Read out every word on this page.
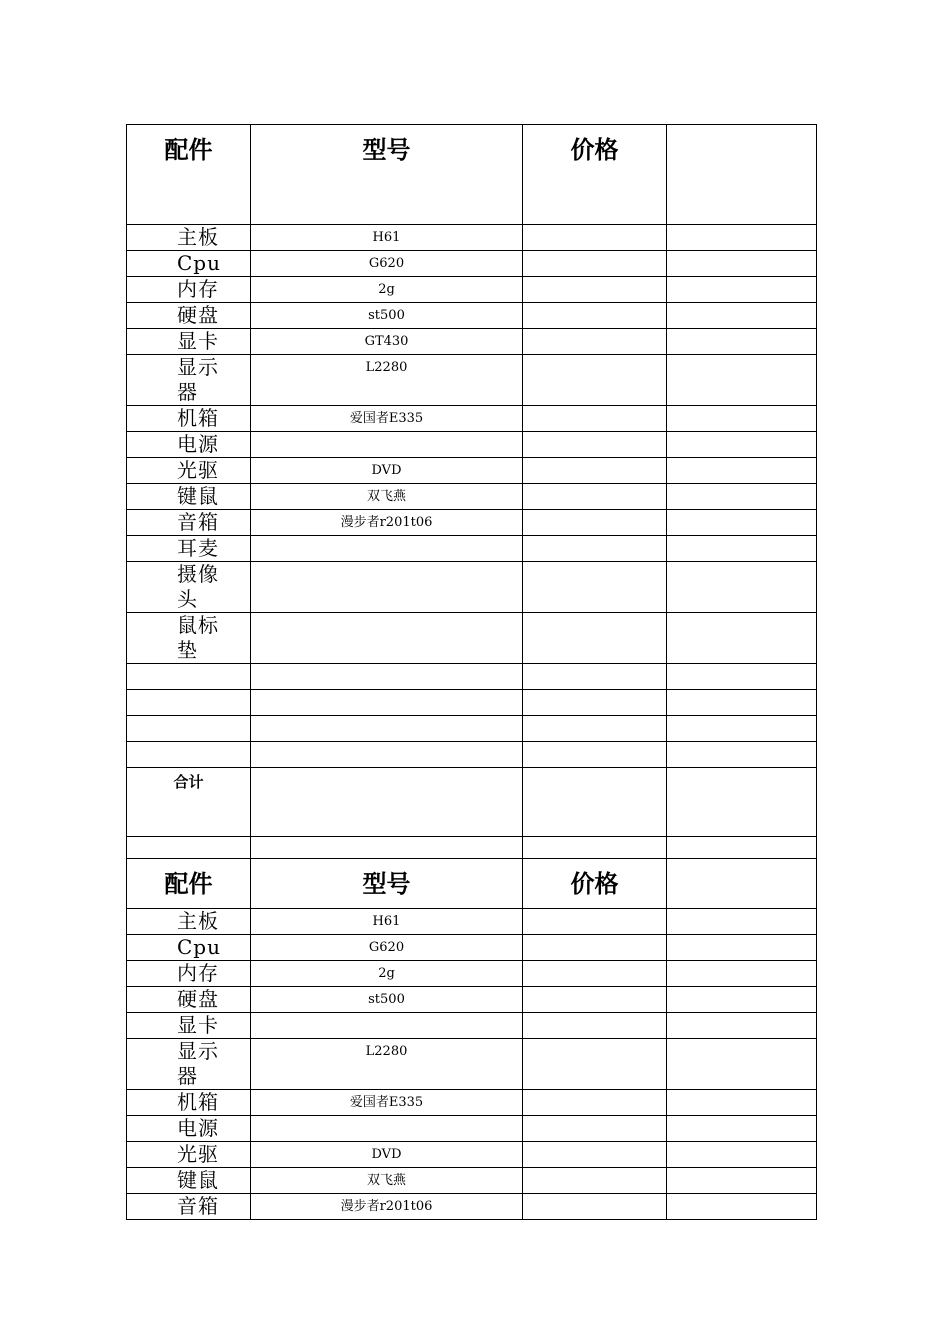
配件	型号	价格	
主板	H61		
Cpu	G620		
内存	2g		
硬盘	st500		
显卡	GT430		
显示器	L2280		
机箱	爱国者E335		
电源			
光驱	DVD		
键鼠	双飞燕		
音箱	漫步者r201t06		
耳麦			
摄像头			
鼠标垫			

合计			

配件	型号	价格	
主板	H61		
Cpu	G620		
内存	2g		
硬盘	st500		
显卡			
显示器	L2280		
机箱	爱国者E335		
电源			
光驱	DVD		
键鼠	双飞燕		
音箱	漫步者r201t06		
